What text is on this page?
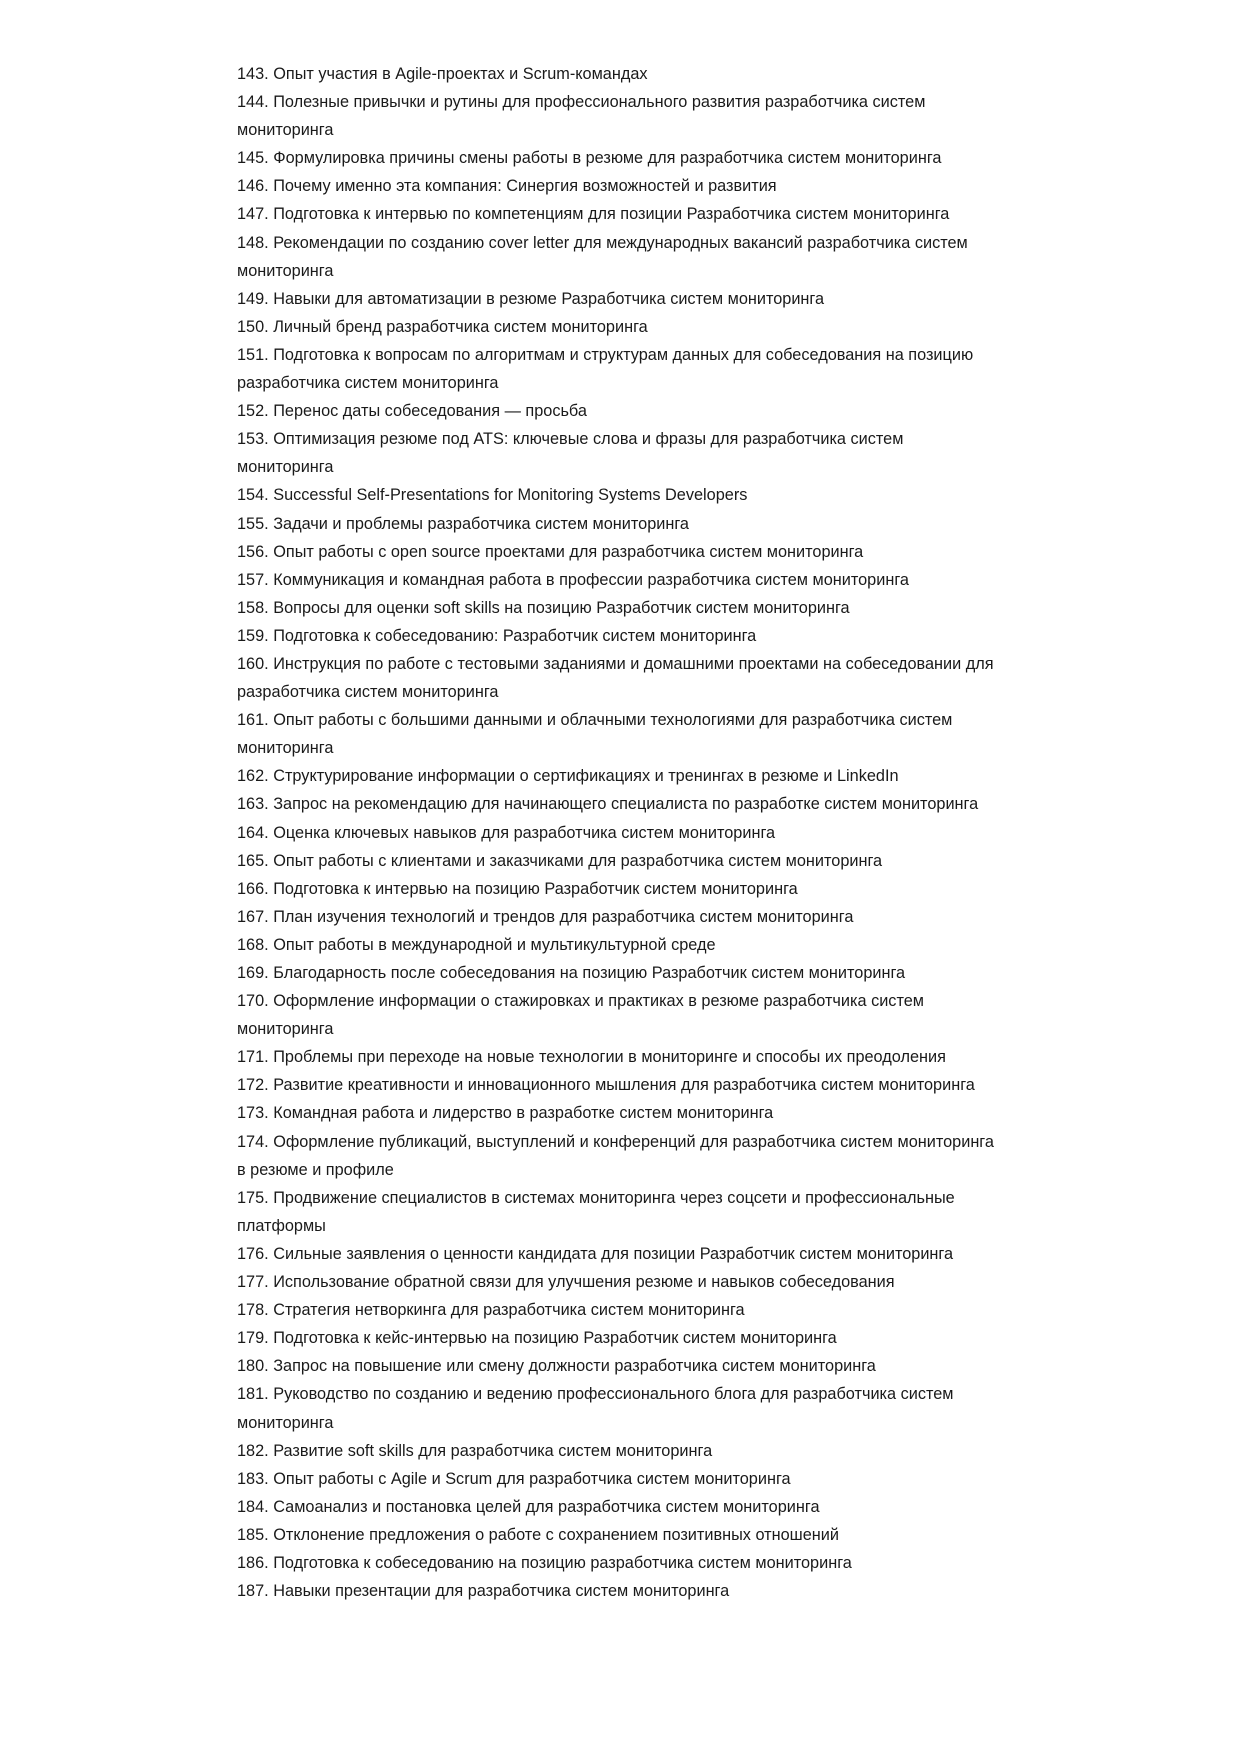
143. Опыт участия в Agile-проектах и Scrum-командах
144. Полезные привычки и рутины для профессионального развития разработчика систем мониторинга
145. Формулировка причины смены работы в резюме для разработчика систем мониторинга
146. Почему именно эта компания: Синергия возможностей и развития
147. Подготовка к интервью по компетенциям для позиции Разработчика систем мониторинга
148. Рекомендации по созданию cover letter для международных вакансий разработчика систем мониторинга
149. Навыки для автоматизации в резюме Разработчика систем мониторинга
150. Личный бренд разработчика систем мониторинга
151. Подготовка к вопросам по алгоритмам и структурам данных для собеседования на позицию разработчика систем мониторинга
152. Перенос даты собеседования — просьба
153. Оптимизация резюме под ATS: ключевые слова и фразы для разработчика систем мониторинга
154. Successful Self-Presentations for Monitoring Systems Developers
155. Задачи и проблемы разработчика систем мониторинга
156. Опыт работы с open source проектами для разработчика систем мониторинга
157. Коммуникация и командная работа в профессии разработчика систем мониторинга
158. Вопросы для оценки soft skills на позицию Разработчик систем мониторинга
159. Подготовка к собеседованию: Разработчик систем мониторинга
160. Инструкция по работе с тестовыми заданиями и домашними проектами на собеседовании для разработчика систем мониторинга
161. Опыт работы с большими данными и облачными технологиями для разработчика систем мониторинга
162. Структурирование информации о сертификациях и тренингах в резюме и LinkedIn
163. Запрос на рекомендацию для начинающего специалиста по разработке систем мониторинга
164. Оценка ключевых навыков для разработчика систем мониторинга
165. Опыт работы с клиентами и заказчиками для разработчика систем мониторинга
166. Подготовка к интервью на позицию Разработчик систем мониторинга
167. План изучения технологий и трендов для разработчика систем мониторинга
168. Опыт работы в международной и мультикультурной среде
169. Благодарность после собеседования на позицию Разработчик систем мониторинга
170. Оформление информации о стажировках и практиках в резюме разработчика систем мониторинга
171. Проблемы при переходе на новые технологии в мониторинге и способы их преодоления
172. Развитие креативности и инновационного мышления для разработчика систем мониторинга
173. Командная работа и лидерство в разработке систем мониторинга
174. Оформление публикаций, выступлений и конференций для разработчика систем мониторинга в резюме и профиле
175. Продвижение специалистов в системах мониторинга через соцсети и профессиональные платформы
176. Сильные заявления о ценности кандидата для позиции Разработчик систем мониторинга
177. Использование обратной связи для улучшения резюме и навыков собеседования
178. Стратегия нетворкинга для разработчика систем мониторинга
179. Подготовка к кейс-интервью на позицию Разработчик систем мониторинга
180. Запрос на повышение или смену должности разработчика систем мониторинга
181. Руководство по созданию и ведению профессионального блога для разработчика систем мониторинга
182. Развитие soft skills для разработчика систем мониторинга
183. Опыт работы с Agile и Scrum для разработчика систем мониторинга
184. Самоанализ и постановка целей для разработчика систем мониторинга
185. Отклонение предложения о работе с сохранением позитивных отношений
186. Подготовка к собеседованию на позицию разработчика систем мониторинга
187. Навыки презентации для разработчика систем мониторинга
